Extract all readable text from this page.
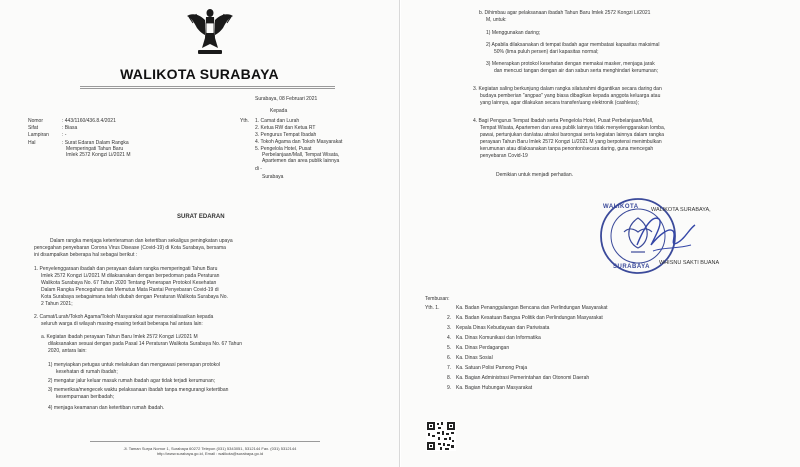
WALIKOTA SURABAYA
Surabaya, 08 Februari 2021
Kepada
Nomor	: 443/1160/436.8.4/2021
Sifat	: Biasa
Lampiran	: -
Hal	: Surat Edaran Dalam Rangka
Memperingati Tahun Baru
Imlek 2572 Kongzi Li/2021 M
Yth. 1. Camat dan Lurah
2. Ketua RW dan Ketua RT
3. Pengurus Tempat Ibadah
4. Tokoh Agama dan Tokoh Masyarakat
5. Pengelola Hotel, Pusat
Perbelanjaan/Mall, Tempat Wisata,
Apartemen dan area publik lainnya
di -
Surabaya
SURAT EDARAN
Dalam rangka menjaga ketenteraman dan ketertiban sekaligus peningkatan upaya
pencegahan penyebaran Corona Virus Disease (Covid-19) di Kota Surabaya, bersama
ini disampaikan beberapa hal sebagai berikut :
1. Penyelenggaraan ibadah dan perayaan dalam rangka memperingati Tahun Baru
Imlek 2572 Kongzi Li/2021 M dilaksanakan dengan berpedoman pada Peraturan
Walikota Surabaya No. 67 Tahun 2020 Tentang Penerapan Protokol Kesehatan
Dalam Rangka Pencegahan dan Memutus Mata Rantai Penyebaran Covid-19 di
Kota Surabaya sebagaimana telah diubah dengan Peraturan Walikota Surabaya No.
2 Tahun 2021;
2. Camat/Lurah/Tokoh Agama/Tokoh Masyarakat agar mensosialisasikan kepada
seluruh warga di wilayah masing-masing terkait beberapa hal antara lain:
a. Kegiatan ibadah perayaan Tahun Baru Imlek 2572 Kongzi Li/2021 M
dilaksanakan sesuai dengan pada Pasal 14 Peraturan Walikota Surabaya No. 67 Tahun
2020, antara lain:
1) menyiapkan petugas untuk melakukan dan mengawasi penerapan protokol
kesehatan di rumah ibadah;
2) mengatur jalur keluar masuk rumah ibadah agar tidak terjadi kerumunan;
3) memeriksa/mengecek waktu pelaksanaan ibadah tanpa mengurangi ketertiban
kesempurnaan beribadah;
4) menjaga keamanan dan ketertiban rumah ibadah.
Jl. Taman Surya Nomor 1, Surabaya 60272 Telepon (031) 5343051, 5312144 Fax. (031) 5312144
http://www.surabaya.go.id, Email : walikota@surabaya.go.id
b. Dihimbau agar pelaksanaan ibadah Tahun Baru Imlek 2572 Kongzi Li/2021
M, untuk:
1) Menggunakan daring;
2) Apabila dilaksanakan di tempat ibadah agar membatasi kapasitas maksimal
50% (lima puluh persen) dari kapasitas normal;
3) Menerapkan protokol kesehatan dengan memakai masker, menjaga jarak
dan mencuci tangan dengan air dan sabun serta menghindari kerumunan;
3. Kegiatan saling berkunjung dalam rangka silaturahmi digantikan secara daring dan
budaya pemberian "angpao" yang biasa dibagikan kepada anggota keluarga atau
yang lainnya, agar dilakukan secara transfer/uang elektronik (cashless);
4. Bagi Pengurus Tempat Ibadah serta Pengelola Hotel, Pusat Perbelanjaan/Mall,
Tempat Wisata, Apartemen dan area publik lainnya tidak menyelenggarakan lomba,
pawai, pertunjukan dan/atau atraksi barongsai serta kegiatan lainnya dalam rangka
perayaan Tahun Baru Imlek 2572 Kongzi Li/2021 M yang berpotensi menimbulkan
kerumunan atau dilaksanakan tanpa penonton/secara daring, guna mencegah
penyebaran Covid-19
Demikian untuk menjadi perhatian.
WALIKOTA
SURABAYA
WALIKOTA SURABAYA,
WHISNU SAKTI BUANA
Tembusan:
Yth. 1.	Ka. Badan Penanggulangan Bencana dan Perlindungan Masyarakat
2. Ka. Badan Kesatuan Bangsa Politik dan Perlindungan Masyarakat
3. Kepala Dinas Kebudayaan dan Pariwisata
4. Ka. Dinas Komunikasi dan Informatika
5. Ka. Dinas Perdagangan
6. Ka. Dinas Sosial
7. Ka. Satuan Polisi Pamong Praja
8. Ka. Bagian Administrasi Pemerintahan dan Otonomi Daerah
9. Ka. Bagian Hubungan Masyarakat
